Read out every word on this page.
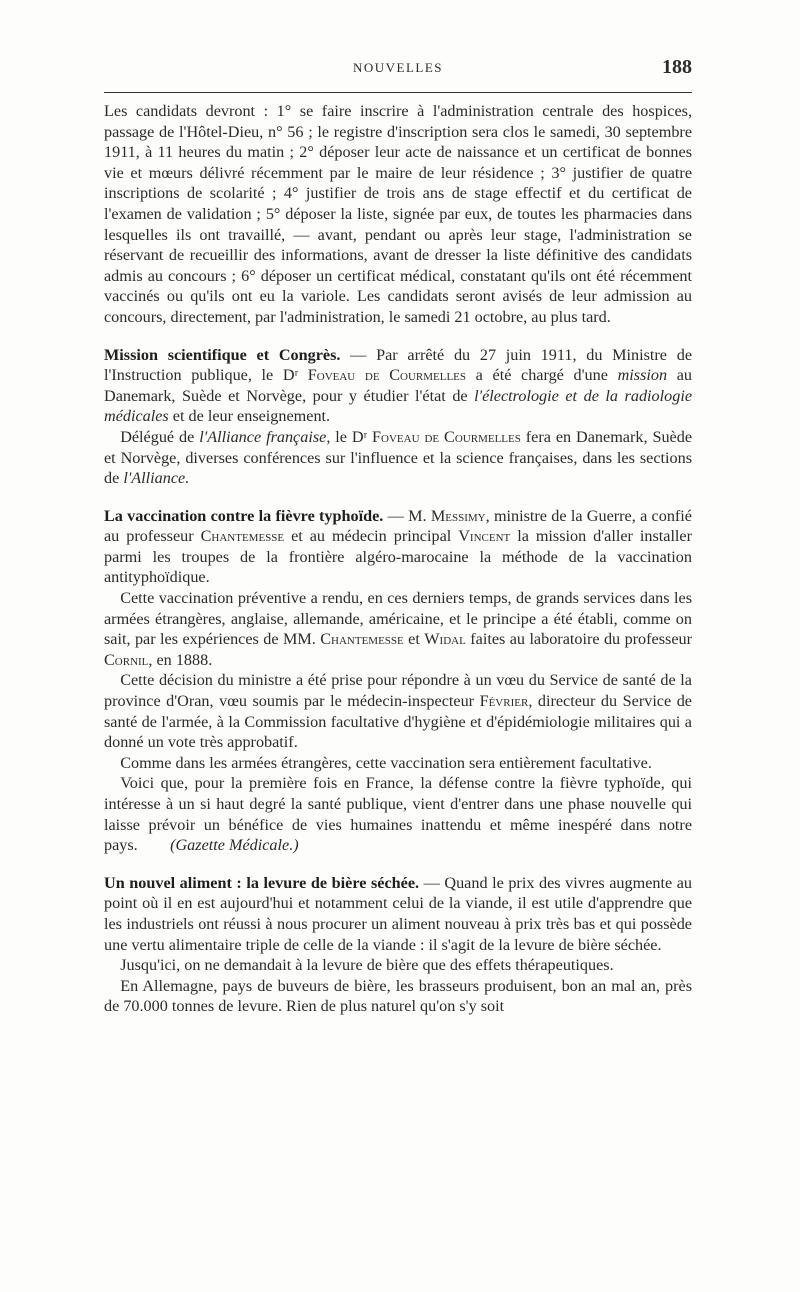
NOUVELLES	188

Les candidats devront : 1° se faire inscrire à l'administration centrale des hospices, passage de l'Hôtel-Dieu, n° 56 ; le registre d'inscription sera clos le samedi, 30 septembre 1911, à 11 heures du matin ; 2° déposer leur acte de naissance et un certificat de bonnes vie et mœurs délivré récemment par le maire de leur résidence ; 3° justifier de quatre inscriptions de scolarité ; 4° justifier de trois ans de stage effectif et du certificat de l'examen de validation ; 5° déposer la liste, signée par eux, de toutes les pharmacies dans lesquelles ils ont travaillé, — avant, pendant ou après leur stage, l'administration se réservant de recueillir des informations, avant de dresser la liste définitive des candidats admis au concours ; 6° déposer un certificat médical, constatant qu'ils ont été récemment vaccinés ou qu'ils ont eu la variole. Les candidats seront avisés de leur admission au concours, directement, par l'administration, le samedi 21 octobre, au plus tard.

Mission scientifique et Congrès. — Par arrêté du 27 juin 1911, du Ministre de l'Instruction publique, le Dʳ Foveau de Courmelles a été chargé d'une mission au Danemark, Suède et Norvège, pour y étudier l'état de l'électrologie et de la radiologie médicales et de leur enseignement.

 Délégué de l'Alliance française, le Dʳ Foveau de Courmelles fera en Danemark, Suède et Norvège, diverses conférences sur l'influence et la science françaises, dans les sections de l'Alliance.

La vaccination contre la fièvre typhoïde. — M. Messimy, ministre de la Guerre, a confié au professeur Chantemesse et au médecin principal Vincent la mission d'aller installer parmi les troupes de la frontière algéro-marocaine la méthode de la vaccination antityphoïdique.

 Cette vaccination préventive a rendu, en ces derniers temps, de grands services dans les armées étrangères, anglaise, allemande, américaine, et le principe a été établi, comme on sait, par les expériences de MM. Chantemesse et Widal faites au laboratoire du professeur Cornil, en 1888.

 Cette décision du ministre a été prise pour répondre à un vœu du Service de santé de la province d'Oran, vœu soumis par le médecin-inspecteur Février, directeur du Service de santé de l'armée, à la Commission facultative d'hygiène et d'épidémiologie militaires qui a donné un vote très approbatif.

 Comme dans les armées étrangères, cette vaccination sera entièrement facultative.

 Voici que, pour la première fois en France, la défense contre la fièvre typhoïde, qui intéresse à un si haut degré la santé publique, vient d'entrer dans une phase nouvelle qui laisse prévoir un bénéfice de vies humaines inattendu et même inespéré dans notre pays.   (Gazette Médicale.)

Un nouvel aliment : la levure de bière séchée. — Quand le prix des vivres augmente au point où il en est aujourd'hui et notamment celui de la viande, il est utile d'apprendre que les industriels ont réussi à nous procurer un aliment nouveau à prix très bas et qui possède une vertu alimentaire triple de celle de la viande : il s'agit de la levure de bière séchée.

 Jusqu'ici, on ne demandait à la levure de bière que des effets thérapeutiques.

 En Allemagne, pays de buveurs de bière, les brasseurs produisent, bon an mal an, près de 70.000 tonnes de levure. Rien de plus naturel qu'on s'y soit
